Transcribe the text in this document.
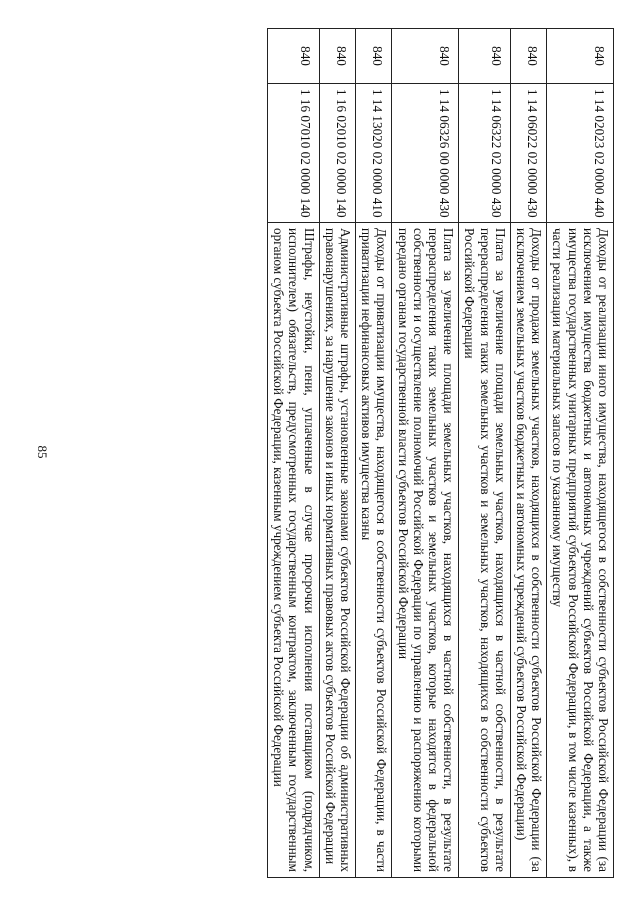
85
840	1 14 02023 02 0000 440	Доходы от реализации иного имущества, находящегося в собственности субъектов Российской Федерации (за исключением имущества бюджетных и автономных учреждений субъектов Российской Федерации, а также имущества государственных унитарных предприятий субъектов Российской Федерации, в том числе казенных), в части реализации материальных запасов по указанному имуществу
840	1 14 06022 02 0000 430	Доходы от продажи земельных участков, находящихся в собственности субъектов Российской Федерации (за исключением земельных участков бюджетных и автономных учреждений субъектов Российской Федерации)
840	1 14 06322 02 0000 430	Плата за увеличение площади земельных участков, находящихся в частной собственности, в результате перераспределения таких земельных участков и земельных участков, находящихся в собственности субъектов Российской Федерации
840	1 14 06326 00 0000 430	Плата за увеличение площади земельных участков, находящихся в частной собственности, в результате перераспределения таких земельных участков и земельных участков, которые находятся в федеральной собственности и осуществление полномочий Российской Федерации по управлению и распоряжению которыми передано органам государственной власти субъектов Российской Федерации
840	1 14 13020 02 0000 410	Доходы от приватизации имущества, находящегося в собственности субъектов Российской Федерации, в части приватизации нефинансовых активов имущества казны
840	1 16 02010 02 0000 140	Административные штрафы, установленные законами субъектов Российской Федерации об административных правонарушениях, за нарушение законов и иных нормативных правовых актов субъектов Российской Федерации
840	1 16 07010 02 0000 140	Штрафы, неустойки, пени, уплаченные в случае просрочки исполнения поставщиком (подрядчиком, исполнителем) обязательств, предусмотренных государственным контрактом, заключенным государственным органом субъекта Российской Федерации, казенным учреждением субъекта Российской Федерации
